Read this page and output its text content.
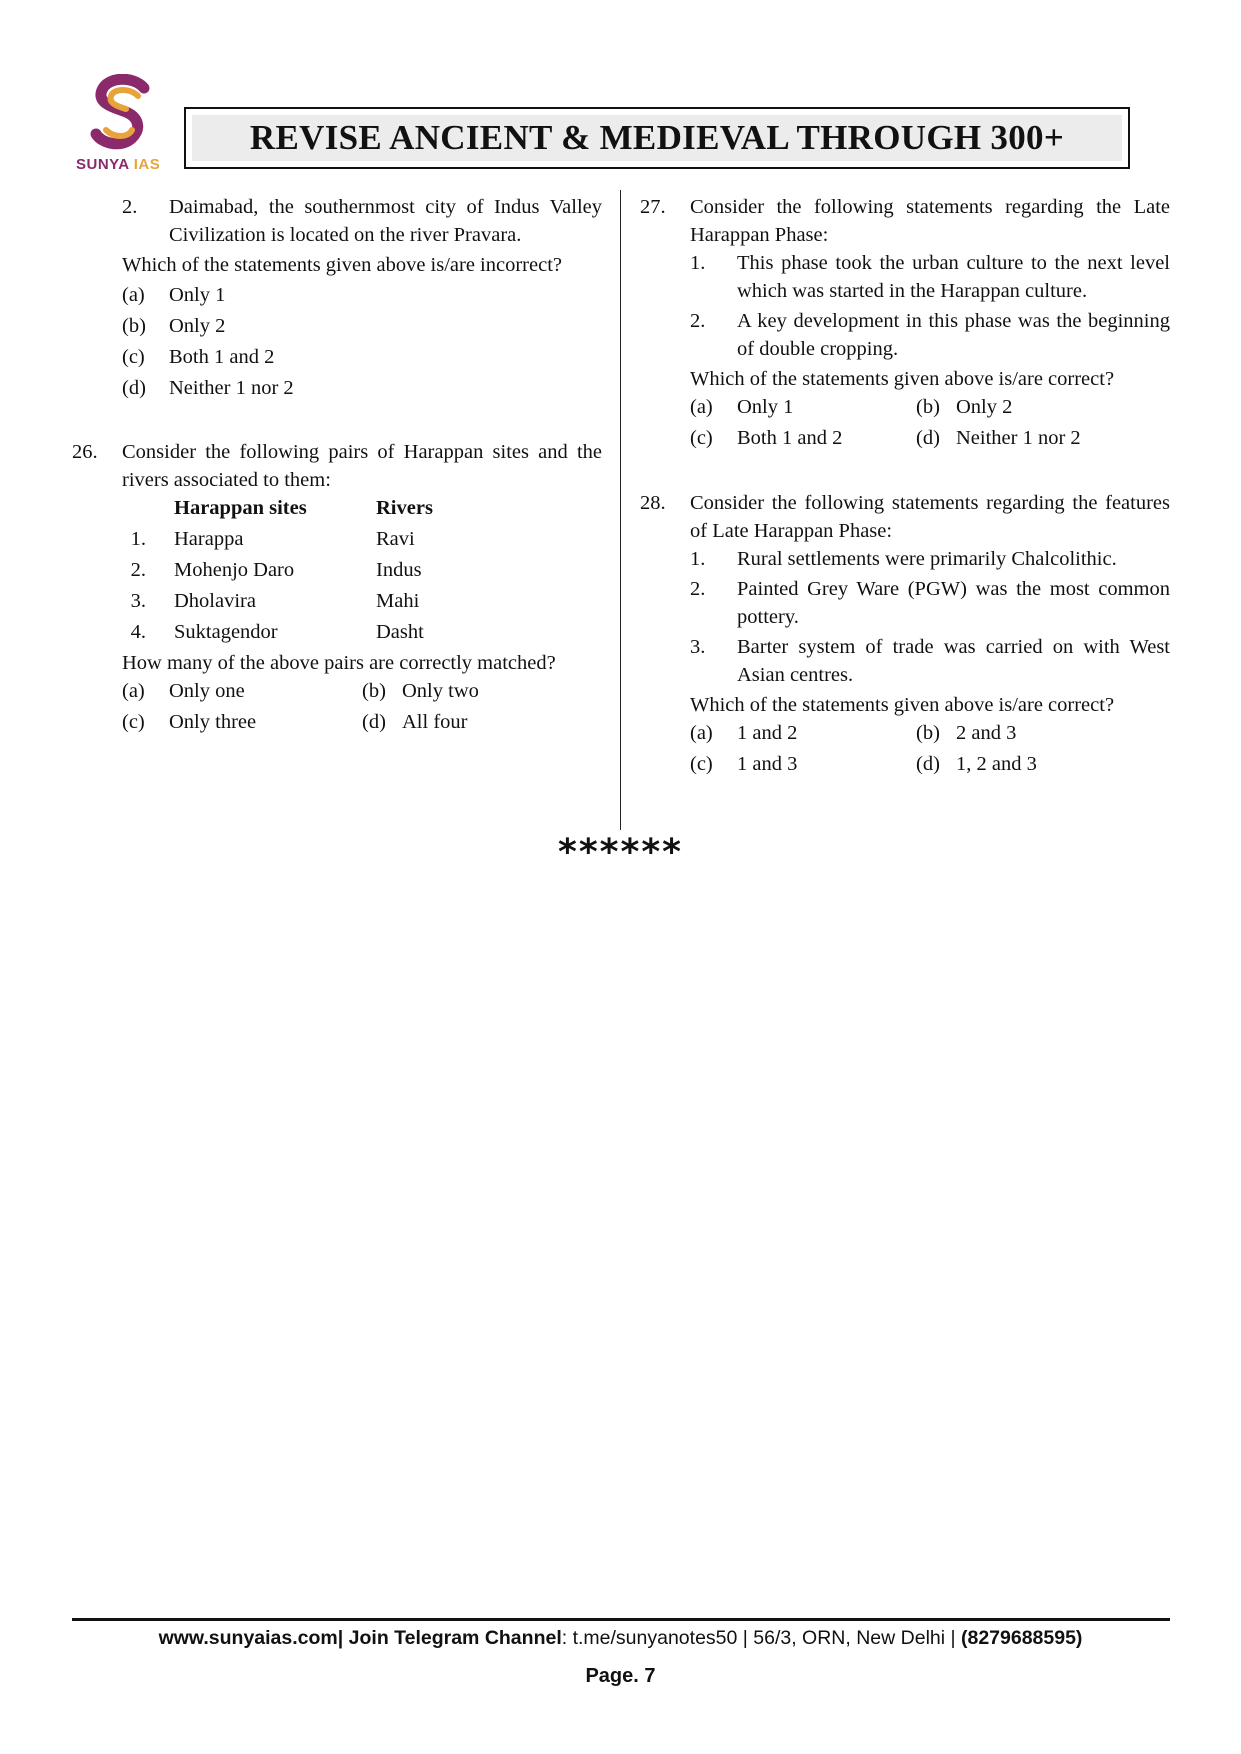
SUNYA IAS
REVISE ANCIENT & MEDIEVAL THROUGH 300+
2. Daimabad, the southernmost city of Indus Valley Civilization is located on the river Pravara.
Which of the statements given above is/are incorrect?
(a)	Only 1
(b)	Only 2
(c)	Both 1 and 2
(d)	Neither 1 nor 2
26.	Consider the following pairs of Harappan sites and the rivers associated to them:
Harappan sites	Rivers
1. Harappa	Ravi
2. Mohenjo Daro	Indus
3. Dholavira	Mahi
4. Suktagendor	Dasht
How many of the above pairs are correctly matched?
(a)	Only one	(b) Only two
(c)	Only three	(d) All four
27.	Consider the following statements regarding the Late Harappan Phase:
1. This phase took the urban culture to the next level which was started in the Harappan culture.
2. A key development in this phase was the beginning of double cropping.
Which of the statements given above is/are correct?
(a)	Only 1	(b) Only 2
(c)	Both 1 and 2	(d) Neither 1 nor 2
28.	Consider the following statements regarding the features of Late Harappan Phase:
1. Rural settlements were primarily Chalcolithic.
2. Painted Grey Ware (PGW) was the most common pottery.
3. Barter system of trade was carried on with West Asian centres.
Which of the statements given above is/are correct?
(a)	1 and 2	(b) 2 and 3
(c)	1 and 3	(d) 1, 2 and 3
******
www.sunyaias.com| Join Telegram Channel: t.me/sunyanotes50 | 56/3, ORN, New Delhi | (8279688595)
Page. 7
